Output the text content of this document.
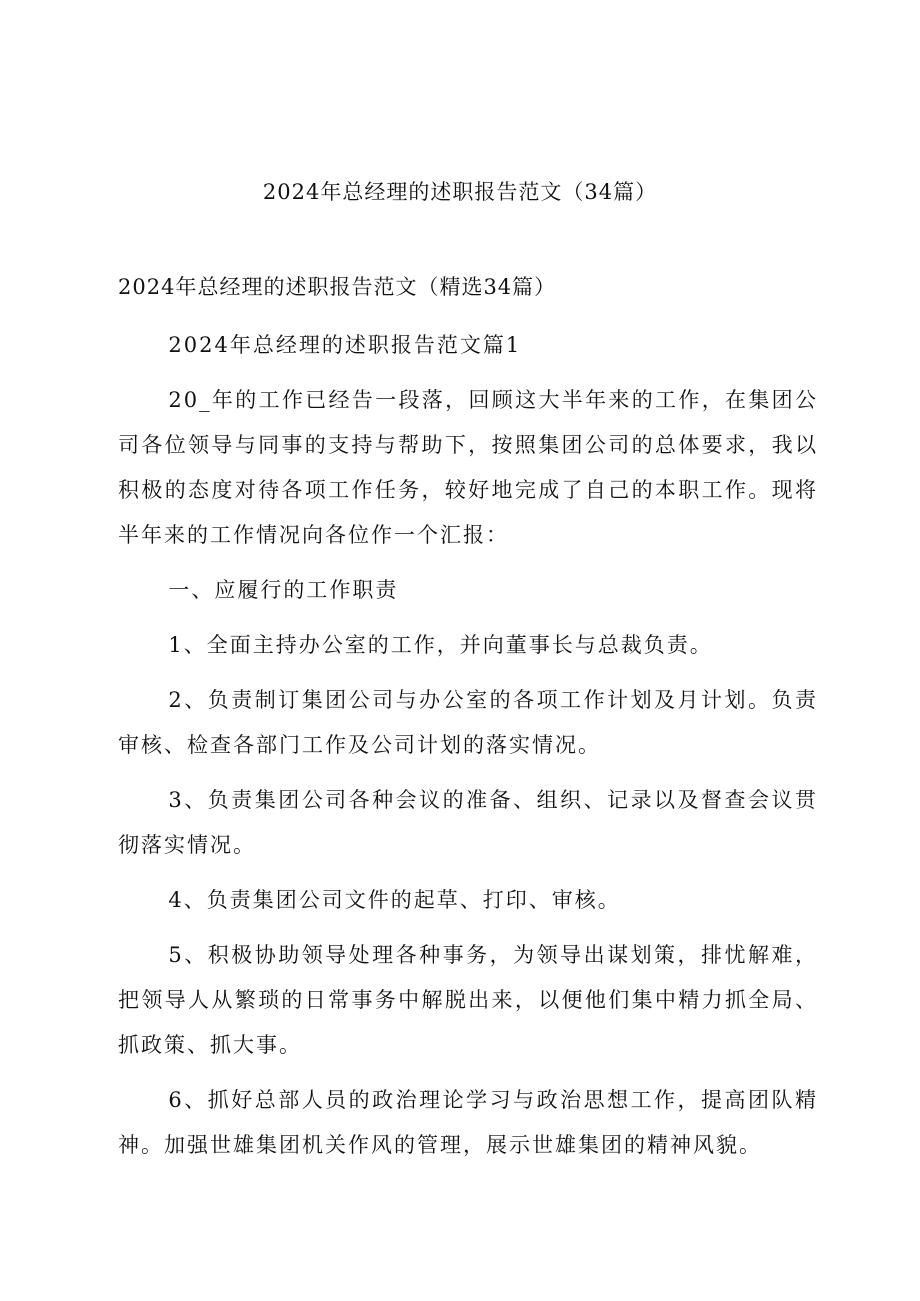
2024年总经理的述职报告范文（34篇）

2024年总经理的述职报告范文（精选34篇）

2024年总经理的述职报告范文篇1

20_年的工作已经告一段落，回顾这大半年来的工作，在集团公司各位领导与同事的支持与帮助下，按照集团公司的总体要求，我以积极的态度对待各项工作任务，较好地完成了自己的本职工作。现将半年来的工作情况向各位作一个汇报：

一、应履行的工作职责

1、全面主持办公室的工作，并向董事长与总裁负责。

2、负责制订集团公司与办公室的各项工作计划及月计划。负责审核、检查各部门工作及公司计划的落实情况。

3、负责集团公司各种会议的准备、组织、记录以及督查会议贯彻落实情况。

4、负责集团公司文件的起草、打印、审核。

5、积极协助领导处理各种事务，为领导出谋划策，排忧解难，把领导人从繁琐的日常事务中解脱出来，以便他们集中精力抓全局、抓政策、抓大事。

6、抓好总部人员的政治理论学习与政治思想工作，提高团队精神。加强世雄集团机关作风的管理，展示世雄集团的精神风貌。
